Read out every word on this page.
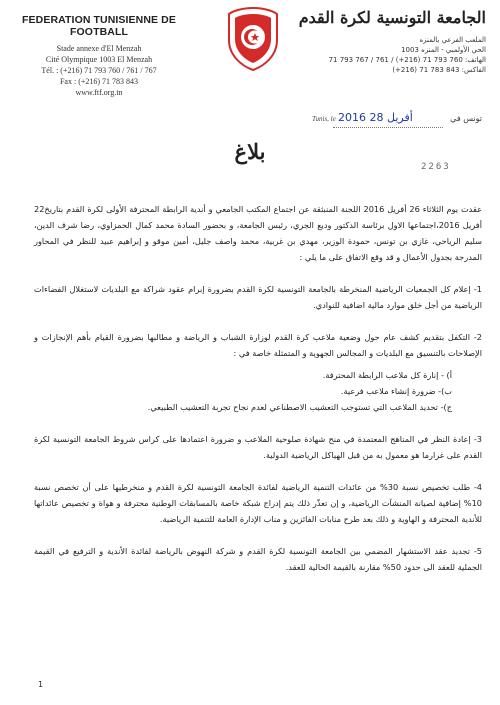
FEDERATION TUNISIENNE DE FOOTBALL
Stade annexe d'El Menzah
Cité Olympique 1003 El Menzah
Tél. : (+216) 71 793 760 / 761 / 767
Fax : (+216) 71 783 843
www.ftf.org.tn
الجامعة التونسية لكرة القدم
الملعب الفرعي بالمنزه
الحي الأولمبي - المنزه 1003
الهاتف: 760 793 71 (216+) / 761 / 767 793 71
الفاكس: 843 783 71 (216+)
Tunis, le 2016 أفريل 28	تونس في
بلاغ
2263

عقدت يوم الثلاثاء 26 أفريل 2016 اللجنة المنبثقة عن اجتماع المكتب الجامعي و أندية الرابطة المحترفة الأولى لكرة القدم بتاريخ22 أفريل 2016،اجتماعها الاول برئاسة الدكتور وديع الجري، رئيس الجامعة، و بحضور السادة محمد كمال الحمزاوي، رضا شرف الدين، سليم الرياحي، غازي بن تونس، حمودة الوزير، مهدي بن غربية، محمد واصف جليل، أمين موقو و إبراهيم عبيد للنظر في المحاور المدرجة بجدول الأعمال و قد وقع الاتفاق على ما يلي :

1- إعلام كل الجمعيات الرياضية المنخرطة بالجامعة التونسية لكرة القدم بضرورة إبرام عقود شراكة مع البلديات لاستغلال الفضاءات الرياضية من أجل خلق موارد مالية اضافية للنوادي.

2- التكفل بتقديم كشف عام حول وضعية ملاعب كرة القدم لوزارة الشباب و الرياضة و مطالبها بضرورة القيام بأهم الإنجازات و الإصلاحات بالتنسيق مع البلديات و المجالس الجهوية و المتمثلة خاصة في :

أ) - إنارة كل ملاعب الرابطة المحترفة.

ب)- ضرورة إنشاء ملاعب فرعية.

ج)- تحديد الملاعب التي تستوجب التعشيب الاصطناعي لعدم نجاح تجربة التعشيب الطبيعي.

3- إعادة النظر في المناهج المعتمدة في منح شهادة صلوحية الملاعب و ضرورة اعتمادها على كراس شروط الجامعة التونسية لكرة القدم على غرارما هو معمول به من قبل الهياكل الرياضية الدولية.

4- طلب تخصيص نسبة 30% من عائدات التنمية الرياضية لفائدة الجامعة التونسية لكرة القدم و منخرطيها على أن تخصص نسبة 10% إضافية لصيانة المنشآت الرياضية، و إن تعذّر ذلك يتم إدراج شبكة خاصة بالمسابقات الوطنية محترفة و هواة و تخصيص عائداتها للأندية المحترفة و الهاوية و ذلك بعد طرح منابات الفائزين و مناب الإدارة العامة للتنمية الرياضية.

5- تجديد عقد الاستشهار المضمي بين الجامعة التونسية لكرة القدم و شركة النهوض بالرياضة لفائدة الأندية و الترفيع في القيمة الجملية للعقد الى حدود 50% مقارنة بالقيمة الحالية للعقد.

1
